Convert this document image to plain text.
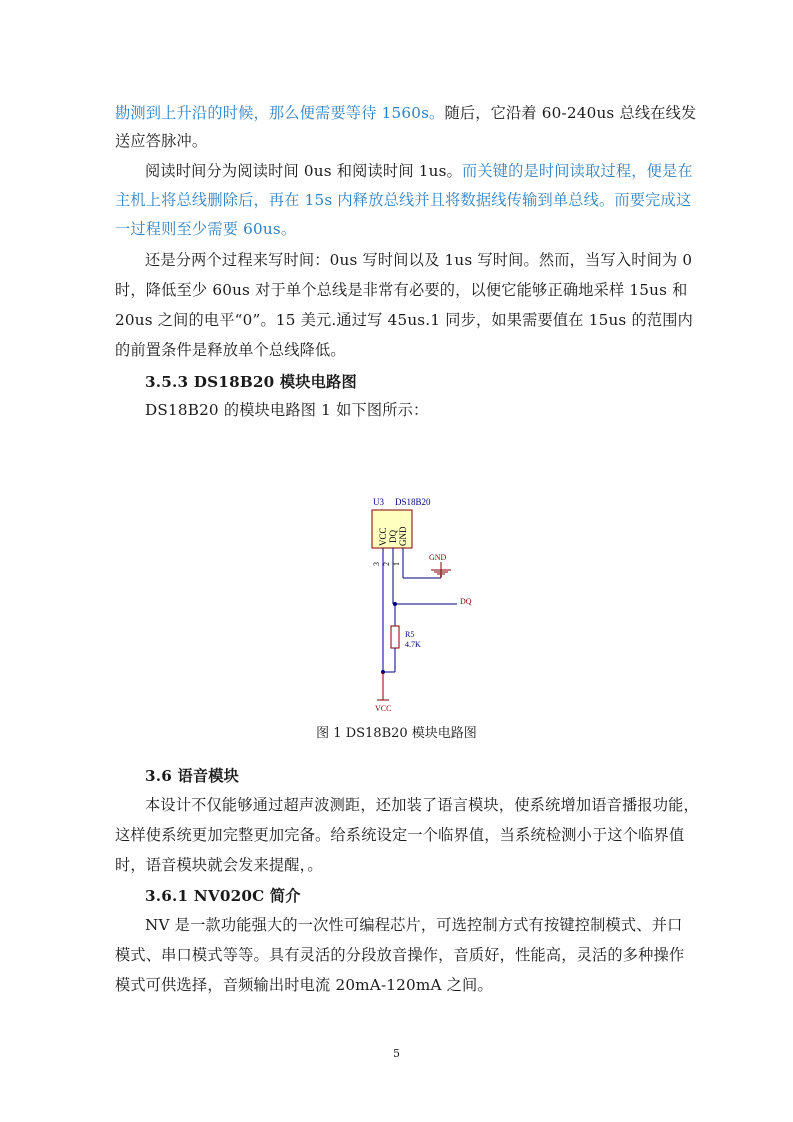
勘测到上升沿的时候，那么便需要等待 1560s。随后，它沿着 60-240us 总线在线发
送应答脉冲。
阅读时间分为阅读时间 0us 和阅读时间 1us。而关键的是时间读取过程，便是在
主机上将总线删除后，再在 15s 内释放总线并且将数据线传输到单总线。而要完成这
一过程则至少需要 60us。
还是分两个过程来写时间：0us 写时间以及 1us 写时间。然而，当写入时间为 0
时，降低至少 60us 对于单个总线是非常有必要的，以便它能够正确地采样 15us 和
20us 之间的电平“0”。15 美元.通过写 45us.1 同步，如果需要值在 15us 的范围内
的前置条件是释放单个总线降低。
3.5.3 DS18B20 模块电路图
DS18B20 的模块电路图 1 如下图所示：
U3 DS18B20
VCC DQ GND
3 2 1
GND
DQ
R5
4.7K
VCC
图 1 DS18B20 模块电路图
3.6 语音模块
本设计不仅能够通过超声波测距，还加装了语言模块，使系统增加语音播报功能，
这样使系统更加完整更加完备。给系统设定一个临界值，当系统检测小于这个临界值
时，语音模块就会发来提醒，。
3.6.1 NV020C 简介
NV 是一款功能强大的一次性可编程芯片，可选控制方式有按键控制模式、并口
模式、串口模式等等。具有灵活的分段放音操作，音质好，性能高，灵活的多种操作
模式可供选择，音频输出时电流 20mA-120mA 之间。
5
